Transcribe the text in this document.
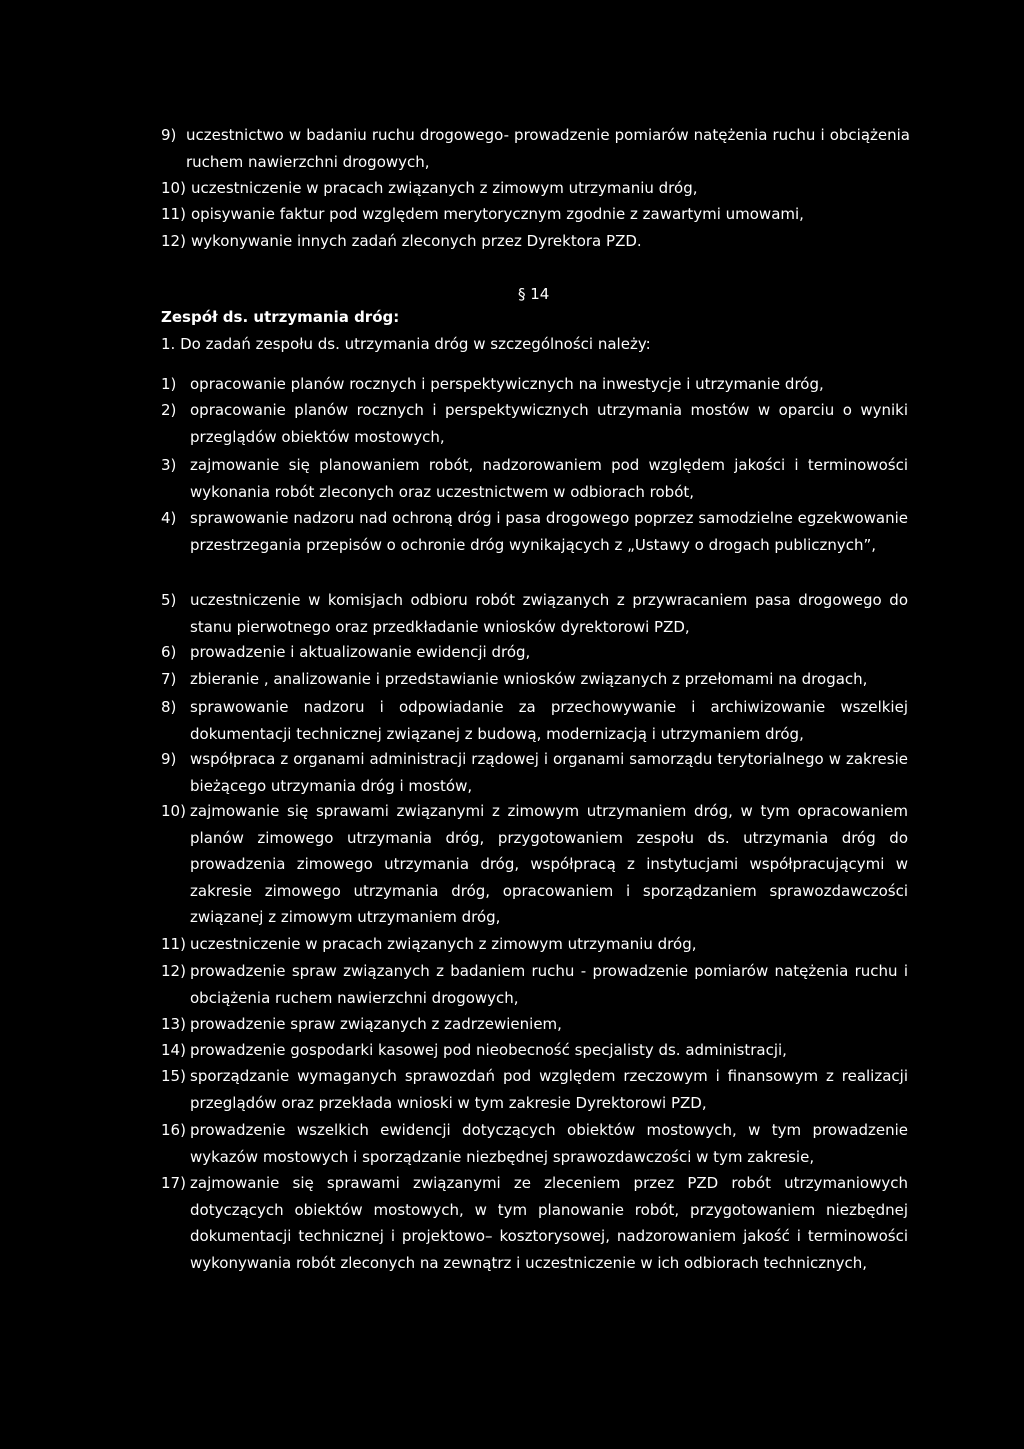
9) uczestnictwo w badaniu ruchu drogowego- prowadzenie pomiarów natężenia ruchu i obciążenia ruchem nawierzchni drogowych,
10) uczestniczenie w pracach związanych z zimowym utrzymaniu dróg,
11) opisywanie faktur pod względem merytorycznym zgodnie z zawartymi umowami,
12) wykonywanie innych zadań zleconych przez Dyrektora PZD.
§ 14
Zespół ds. utrzymania dróg:
1. Do zadań zespołu ds. utrzymania dróg w szczególności należy:
1) opracowanie planów rocznych i perspektywicznych na inwestycje i utrzymanie dróg,
2) opracowanie planów rocznych i perspektywicznych utrzymania mostów w oparciu o wyniki przeglądów obiektów mostowych,
3) zajmowanie się planowaniem robót, nadzorowaniem pod względem jakości i terminowości wykonania robót zleconych oraz uczestnictwem w odbiorach robót,
4) sprawowanie nadzoru nad ochroną dróg i pasa drogowego poprzez samodzielne egzekwowanie przestrzegania przepisów o ochronie dróg wynikających z „Ustawy o drogach publicznych”,
5) uczestniczenie w komisjach odbioru robót związanych z przywracaniem pasa drogowego do stanu pierwotnego oraz przedkładanie wniosków dyrektorowi PZD,
6) prowadzenie i aktualizowanie ewidencji dróg,
7) zbieranie , analizowanie i przedstawianie wniosków związanych z przełomami na drogach,
8) sprawowanie nadzoru i odpowiadanie za przechowywanie i archiwizowanie wszelkiej dokumentacji technicznej związanej z budową, modernizacją i utrzymaniem dróg,
9) współpraca z organami administracji rządowej i organami samorządu terytorialnego w zakresie bieżącego utrzymania dróg i mostów,
10) zajmowanie się sprawami związanymi z zimowym utrzymaniem dróg, w tym opracowaniem planów zimowego utrzymania dróg, przygotowaniem zespołu ds. utrzymania dróg do prowadzenia zimowego utrzymania dróg, współpracą z instytucjami współpracującymi w zakresie zimowego utrzymania dróg, opracowaniem i sporządzaniem sprawozdawczości związanej z zimowym utrzymaniem dróg,
11) uczestniczenie w pracach związanych z zimowym utrzymaniu dróg,
12) prowadzenie spraw związanych z badaniem ruchu - prowadzenie pomiarów natężenia ruchu i obciążenia ruchem nawierzchni drogowych,
13) prowadzenie spraw związanych z zadrzewieniem,
14) prowadzenie gospodarki kasowej pod nieobecność specjalisty ds. administracji,
15) sporządzanie wymaganych sprawozdań pod względem rzeczowym i finansowym z realizacji przeglądów oraz przekłada wnioski w tym zakresie Dyrektorowi PZD,
16) prowadzenie wszelkich ewidencji dotyczących obiektów mostowych, w tym prowadzenie wykazów mostowych i sporządzanie niezbędnej sprawozdawczości w tym zakresie,
17) zajmowanie się sprawami związanymi ze zleceniem przez PZD robót utrzymaniowych dotyczących obiektów mostowych, w tym planowanie robót, przygotowaniem niezbędnej dokumentacji technicznej i projektowo– kosztorysowej, nadzorowaniem jakość i terminowości wykonywania robót zleconych na zewnątrz i uczestniczenie w ich odbiorach technicznych,
